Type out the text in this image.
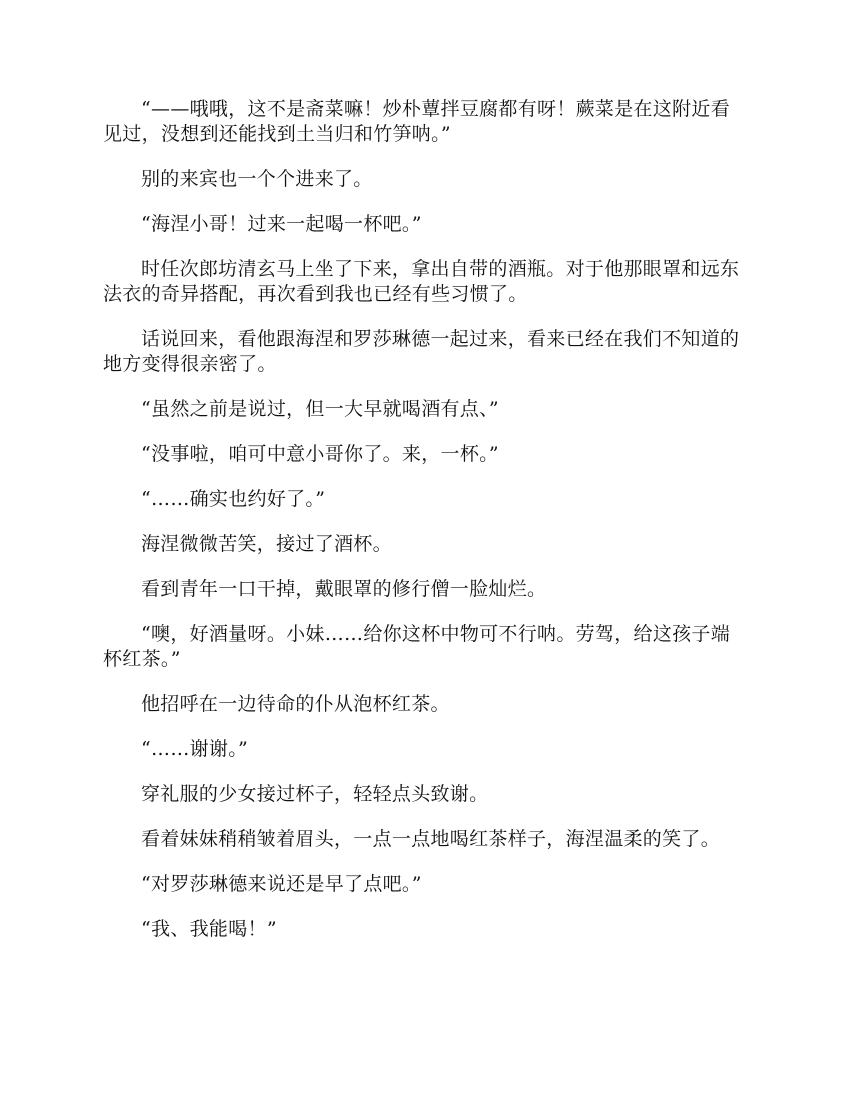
“——哦哦，这不是斋菜嘛！炒朴蕈拌豆腐都有呀！蕨菜是在这附近看见过，没想到还能找到土当归和竹笋呐。”

别的来宾也一个个进来了。

“海涅小哥！过来一起喝一杯吧。”

时任次郎坊清玄马上坐了下来，拿出自带的酒瓶。对于他那眼罩和远东法衣的奇异搭配，再次看到我也已经有些习惯了。

话说回来，看他跟海涅和罗莎琳德一起过来，看来已经在我们不知道的地方变得很亲密了。

“虽然之前是说过，但一大早就喝酒有点、”

“没事啦，咱可中意小哥你了。来，一杯。”

“……确实也约好了。”

海涅微微苦笑，接过了酒杯。

看到青年一口干掉，戴眼罩的修行僧一脸灿烂。

“噢，好酒量呀。小妹……给你这杯中物可不行呐。劳驾，给这孩子端杯红茶。”

他招呼在一边待命的仆从泡杯红茶。

“……谢谢。”

穿礼服的少女接过杯子，轻轻点头致谢。

看着妹妹稍稍皱着眉头，一点一点地喝红茶样子，海涅温柔的笑了。

“对罗莎琳德来说还是早了点吧。”

“我、我能喝！”
